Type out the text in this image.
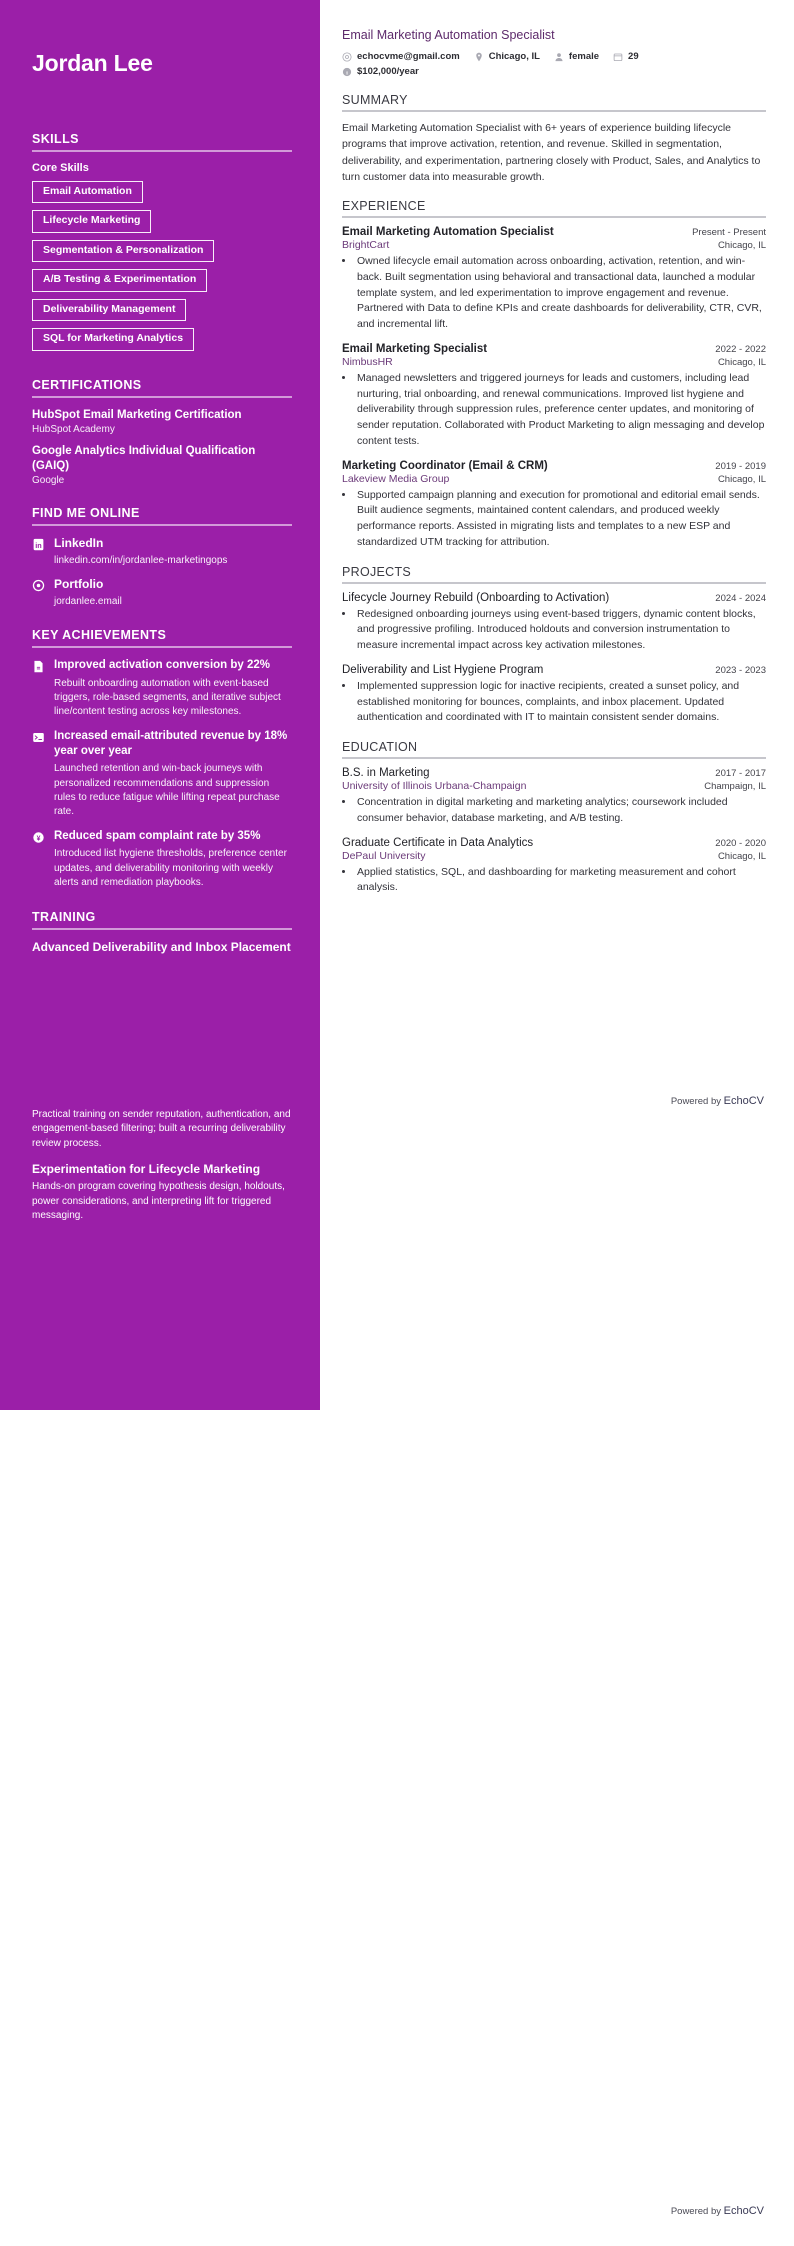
Jordan Lee
SKILLS
Core Skills
Email Automation
Lifecycle Marketing
Segmentation & Personalization
A/B Testing & Experimentation
Deliverability Management
SQL for Marketing Analytics
CERTIFICATIONS
HubSpot Email Marketing Certification
HubSpot Academy
Google Analytics Individual Qualification (GAIQ)
Google
FIND ME ONLINE
in LinkedIn
linkedin.com/in/jordanlee-marketingops
Portfolio
jordanlee.email
KEY ACHIEVEMENTS
Improved activation conversion by 22%
Rebuilt onboarding automation with event-based triggers, role-based segments, and iterative subject line/content testing across key milestones.
Increased email-attributed revenue by 18% year over year
Launched retention and win-back journeys with personalized recommendations and suppression rules to reduce fatigue while lifting repeat purchase rate.
¥ Reduced spam complaint rate by 35%
Introduced list hygiene thresholds, preference center updates, and deliverability monitoring with weekly alerts and remediation playbooks.
TRAINING
Advanced Deliverability and Inbox Placement
Practical training on sender reputation, authentication, and engagement-based filtering; built a recurring deliverability review process.
Experimentation for Lifecycle Marketing
Hands-on program covering hypothesis design, holdouts, power considerations, and interpreting lift for triggered messaging.
Email Marketing Automation Specialist
echocvme@gmail.com	Chicago, IL	female	29
i $102,000/year
SUMMARY

Email Marketing Automation Specialist with 6+ years of experience building lifecycle programs that improve activation, retention, and revenue. Skilled in segmentation, deliverability, and experimentation, partnering closely with Product, Sales, and Analytics to turn customer data into measurable growth.

EXPERIENCE
Email Marketing Automation Specialist	Present - Present
BrightCart	Chicago, IL
• Owned lifecycle email automation across onboarding, activation, retention, and win-back. Built segmentation using behavioral and transactional data, launched a modular template system, and led experimentation to improve engagement and revenue. Partnered with Data to define KPIs and create dashboards for deliverability, CTR, CVR, and incremental lift.
Email Marketing Specialist	2022 - 2022
NimbusHR	Chicago, IL
• Managed newsletters and triggered journeys for leads and customers, including lead nurturing, trial onboarding, and renewal communications. Improved list hygiene and deliverability through suppression rules, preference center updates, and monitoring of sender reputation. Collaborated with Product Marketing to align messaging and develop content tests.
Marketing Coordinator (Email & CRM)	2019 - 2019
Lakeview Media Group	Chicago, IL
• Supported campaign planning and execution for promotional and editorial email sends. Built audience segments, maintained content calendars, and produced weekly performance reports. Assisted in migrating lists and templates to a new ESP and standardized UTM tracking for attribution.
PROJECTS
Lifecycle Journey Rebuild (Onboarding to Activation)	2024 - 2024
• Redesigned onboarding journeys using event-based triggers, dynamic content blocks, and progressive profiling. Introduced holdouts and conversion instrumentation to measure incremental impact across key activation milestones.
Deliverability and List Hygiene Program	2023 - 2023
• Implemented suppression logic for inactive recipients, created a sunset policy, and established monitoring for bounces, complaints, and inbox placement. Updated authentication and coordinated with IT to maintain consistent sender domains.
EDUCATION
B.S. in Marketing	2017 - 2017
University of Illinois Urbana-Champaign	Champaign, IL
• Concentration in digital marketing and marketing analytics; coursework included consumer behavior, database marketing, and A/B testing.
Graduate Certificate in Data Analytics	2020 - 2020
DePaul University	Chicago, IL
• Applied statistics, SQL, and dashboarding for marketing measurement and cohort analysis.
Powered by EchoCV
Powered by EchoCV
